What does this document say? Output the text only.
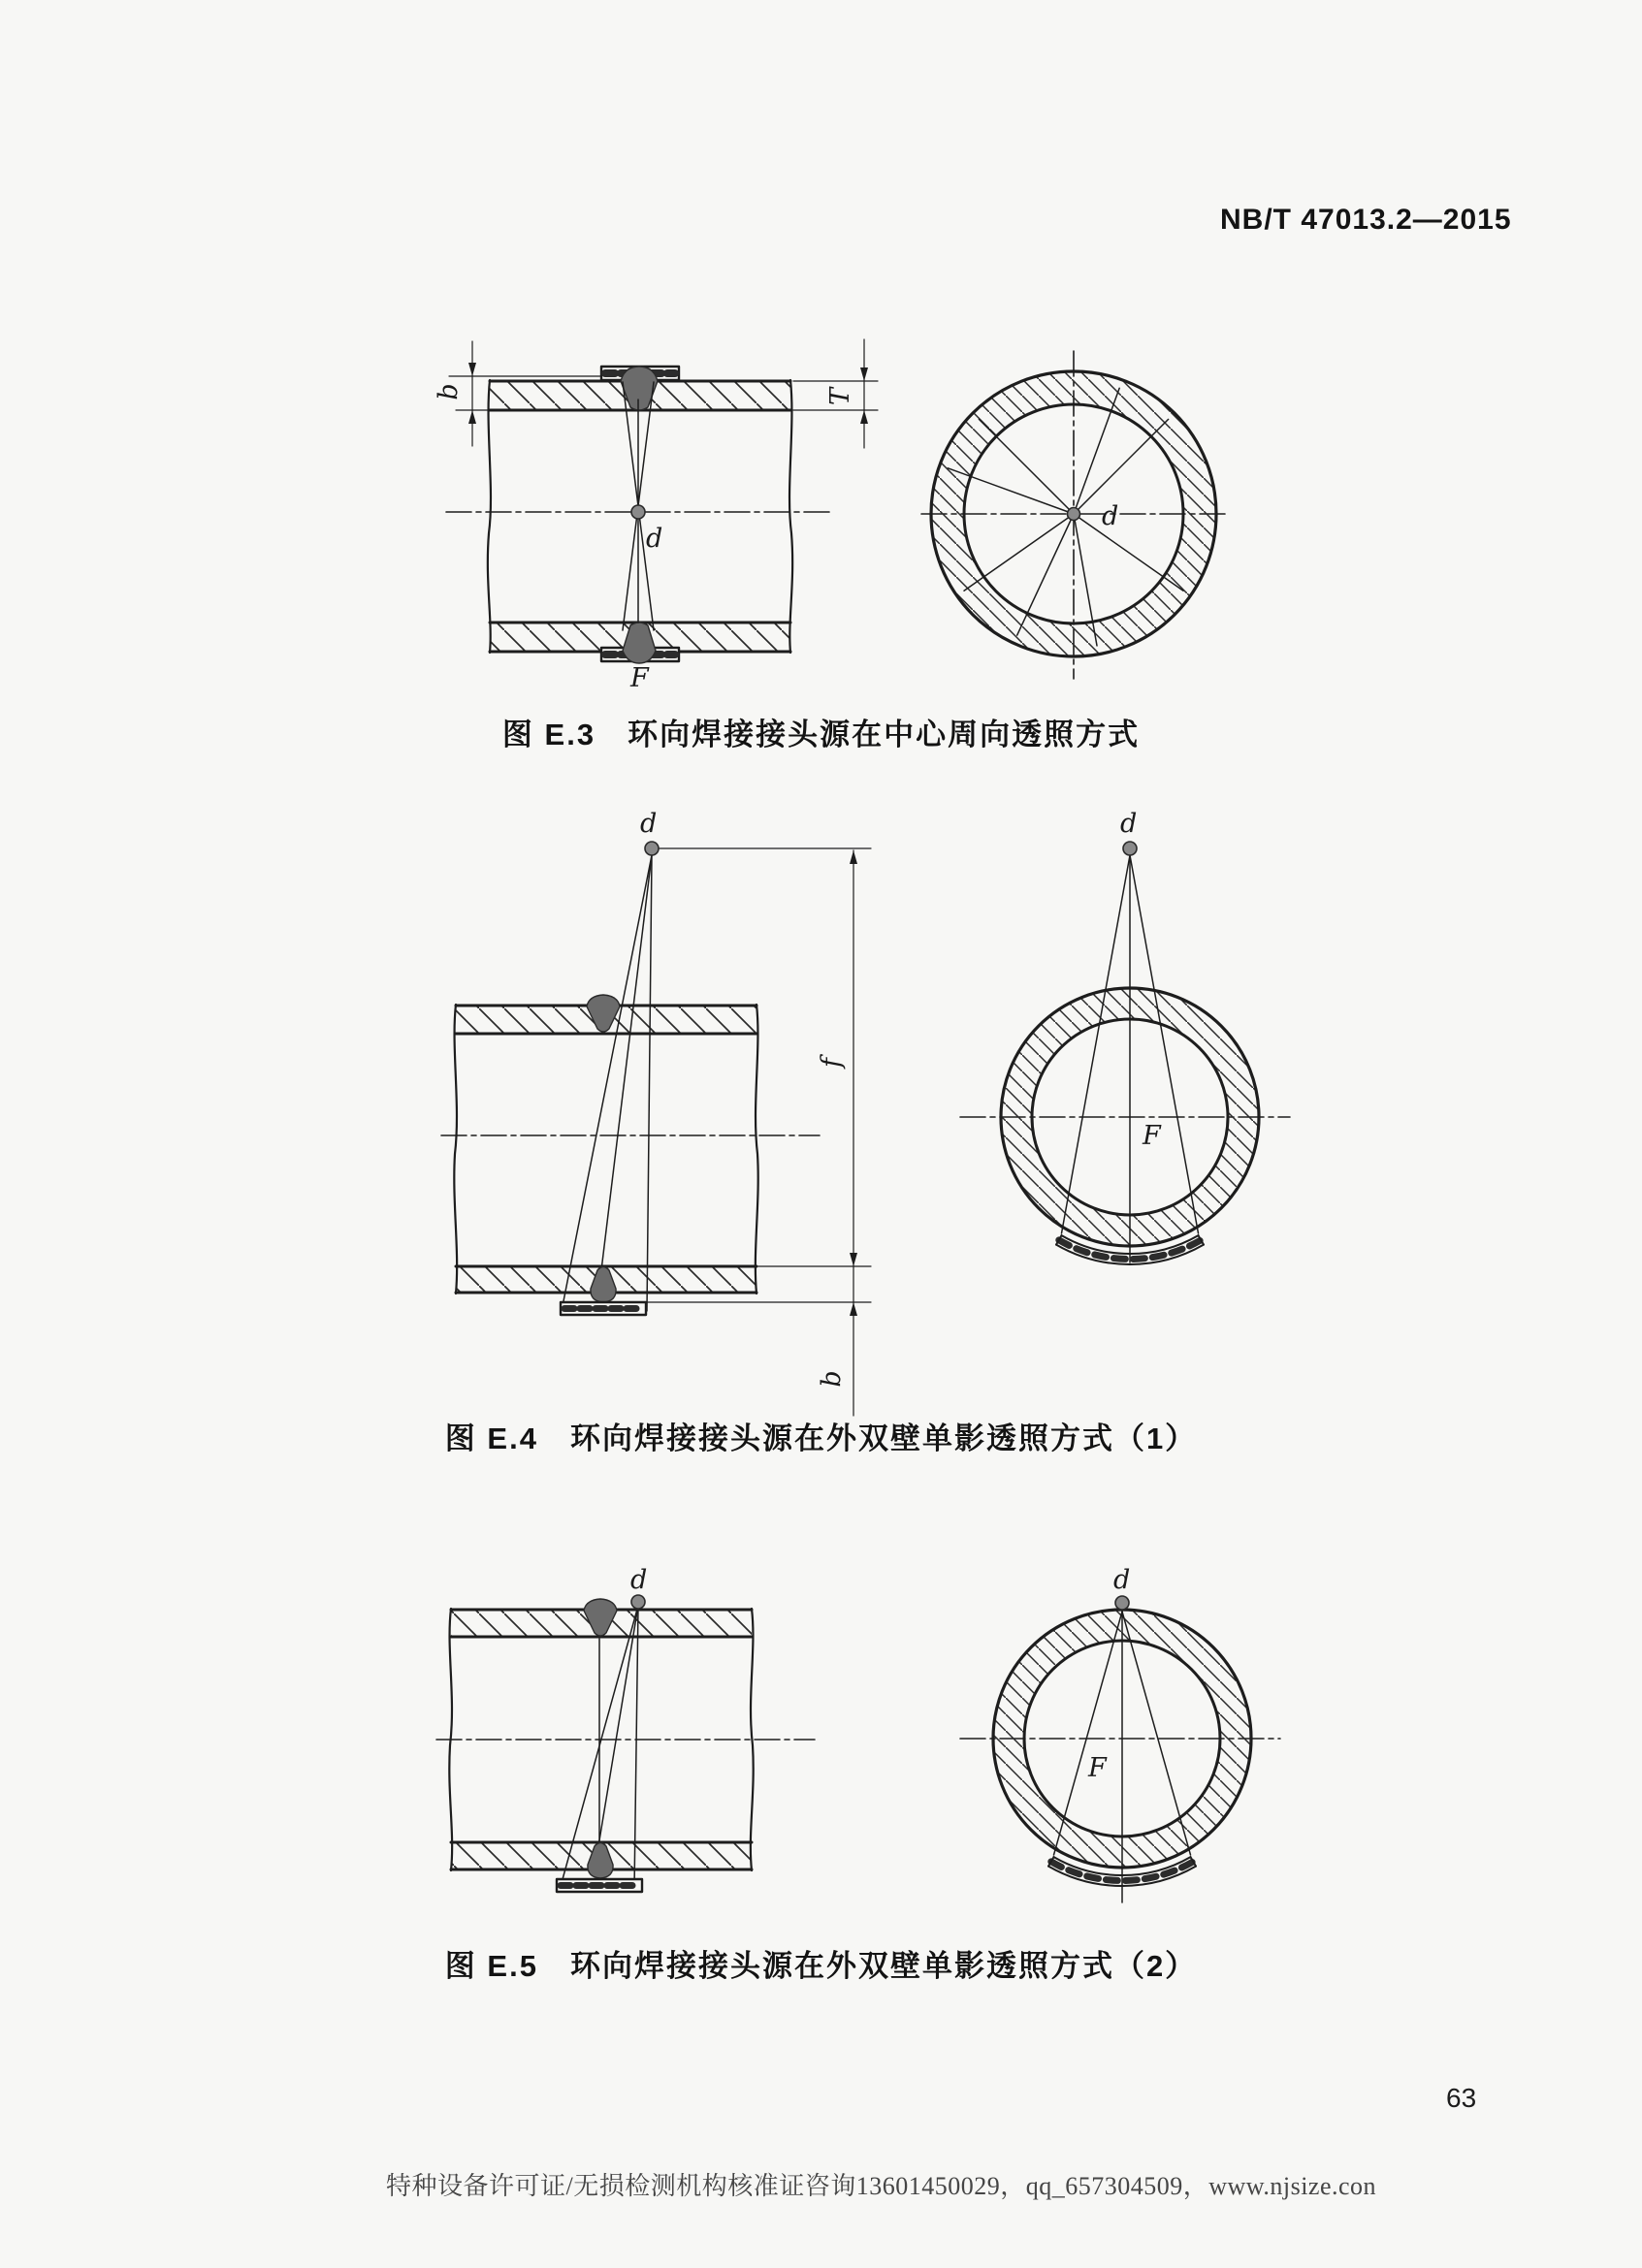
NB/T 47013.2—2015
b	T
d
F
d
d
f
b
d
F
d	d
F
图 E.3　环向焊接接头源在中心周向透照方式
图 E.4　环向焊接接头源在外双壁单影透照方式（1）
图 E.5　环向焊接接头源在外双壁单影透照方式（2）
63
特种设备许可证/无损检测机构核准证咨询13601450029，qq_657304509，www.njsize.con
